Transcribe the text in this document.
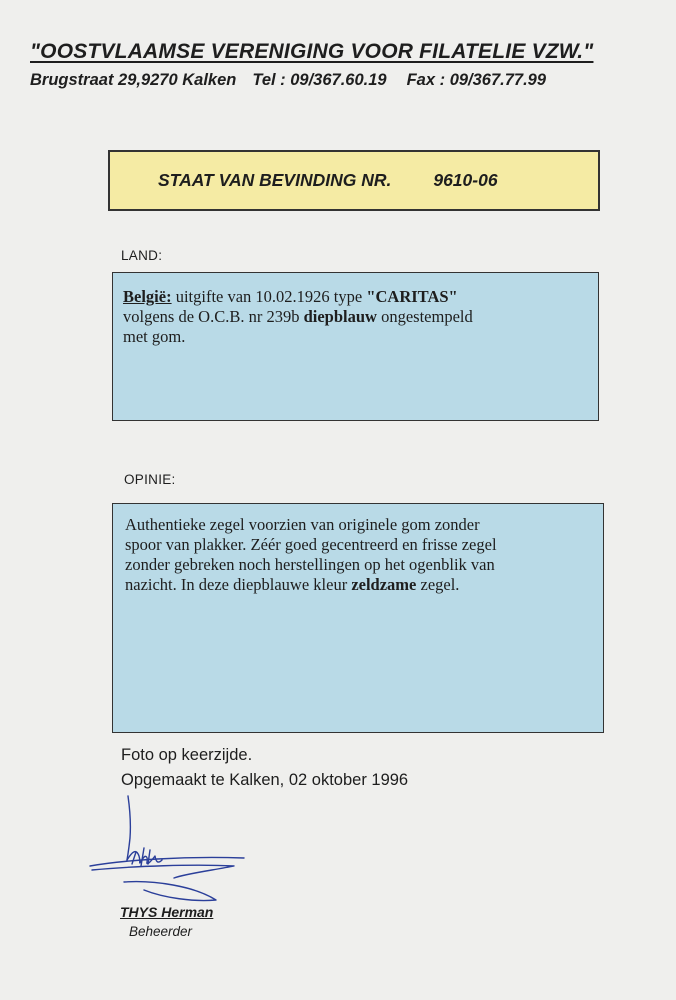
"OOSTVLAAMSE VERENIGING VOOR FILATELIE VZW."
Brugstraat 29,9270 Kalken Tel : 09/367.60.19 Fax : 09/367.77.99
STAAT VAN BEVINDING NR. 9610-06
LAND:
België: uitgifte van 10.02.1926 type "CARITAS"
volgens de O.C.B. nr 239b diepblauw ongestempeld
met gom.
OPINIE:
Authentieke zegel voorzien van originele gom zonder
spoor van plakker. Zéér goed gecentreerd en frisse zegel
zonder gebreken noch herstellingen op het ogenblik van
nazicht. In deze diepblauwe kleur zeldzame zegel.
Foto op keerzijde.
Opgemaakt te Kalken, 02 oktober 1996
THYS Herman
Beheerder
